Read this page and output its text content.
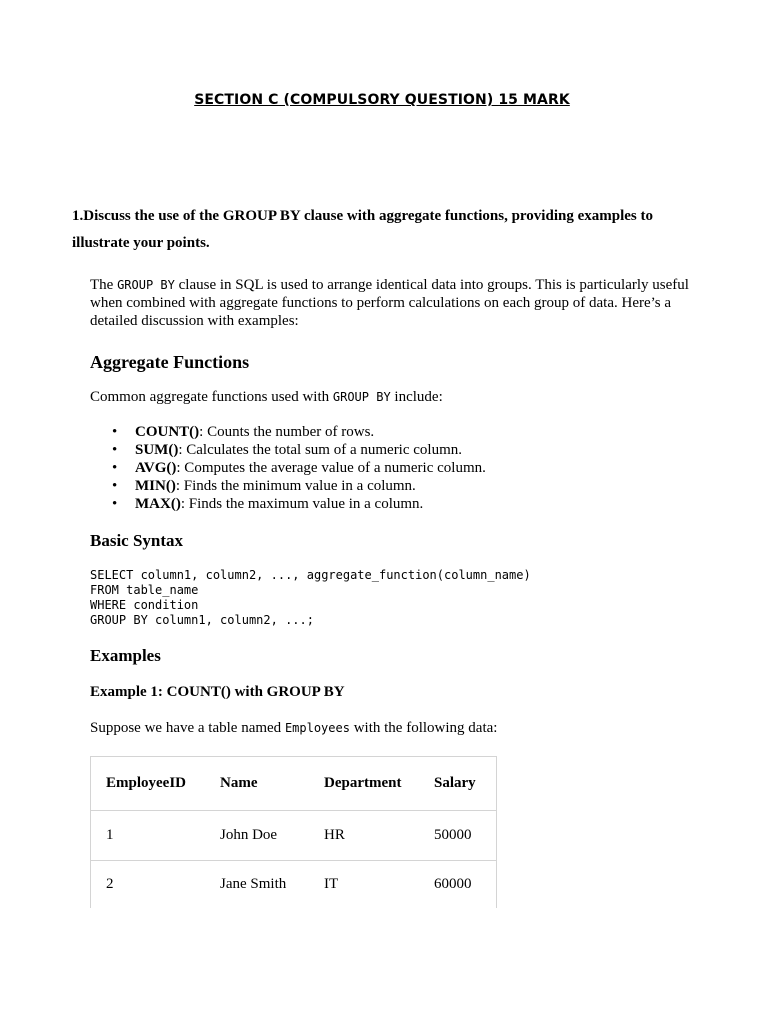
SECTION C (COMPULSORY QUESTION) 15 MARK

1.Discuss the use of the GROUP BY clause with aggregate functions, providing examples to illustrate your points.

The GROUP BY clause in SQL is used to arrange identical data into groups. This is particularly useful when combined with aggregate functions to perform calculations on each group of data. Here’s a detailed discussion with examples:

Aggregate Functions

Common aggregate functions used with GROUP BY include:

• COUNT(): Counts the number of rows.
• SUM(): Calculates the total sum of a numeric column.
• AVG(): Computes the average value of a numeric column.
• MIN(): Finds the minimum value in a column.
• MAX(): Finds the maximum value in a column.
Basic Syntax
SELECT column1, column2, ..., aggregate_function(column_name)
FROM table_name
WHERE condition
GROUP BY column1, column2, ...;
Examples
Example 1: COUNT() with GROUP BY

Suppose we have a table named Employees with the following data:

EmployeeID	Name	Department	Salary
1	John Doe	HR	50000
2	Jane Smith	IT	60000
